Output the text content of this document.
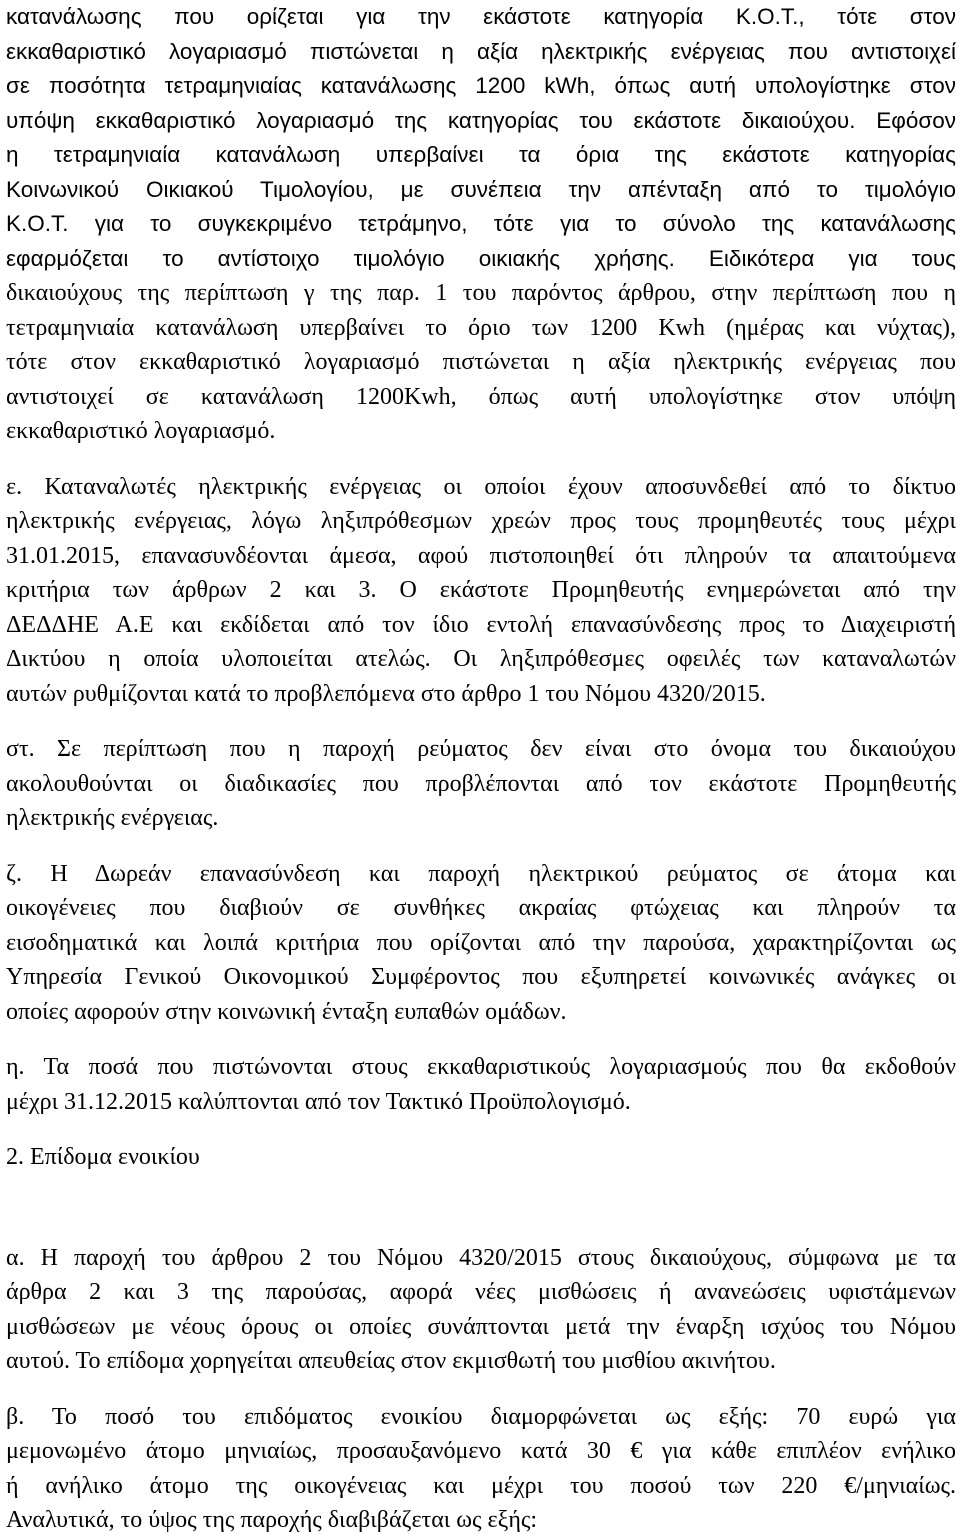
κατανάλωσης που ορίζεται για την εκάστοτε κατηγορία Κ.Ο.Τ., τότε στον
εκκαθαριστικό λογαριασμό πιστώνεται η αξία ηλεκτρικής ενέργειας που αντιστοιχεί
σε ποσότητα τετραμηνιαίας κατανάλωσης 1200 kWh, όπως αυτή υπολογίστηκε στον
υπόψη εκκαθαριστικό λογαριασμό της κατηγορίας του εκάστοτε δικαιούχου. Εφόσον
η τετραμηνιαία κατανάλωση υπερβαίνει τα όρια της εκάστοτε κατηγορίας
Κοινωνικού Οικιακού Τιμολογίου, με συνέπεια την απένταξη από το τιμολόγιο
Κ.Ο.Τ. για το συγκεκριμένο τετράμηνο, τότε για το σύνολο της κατανάλωσης
εφαρμόζεται το αντίστοιχο τιμολόγιο οικιακής χρήσης. Ειδικότερα για τους
δικαιούχους της περίπτωση γ της παρ. 1 του παρόντος άρθρου, στην περίπτωση που η
τετραμηνιαία κατανάλωση υπερβαίνει το όριο των 1200 Kwh (ημέρας και νύχτας),
τότε στον εκκαθαριστικό λογαριασμό πιστώνεται η αξία ηλεκτρικής ενέργειας που
αντιστοιχεί σε κατανάλωση 1200Kwh, όπως αυτή υπολογίστηκε στον υπόψη
εκκαθαριστικό λογαριασμό.
ε. Καταναλωτές ηλεκτρικής ενέργειας οι οποίοι έχουν αποσυνδεθεί από το δίκτυο
ηλεκτρικής ενέργειας, λόγω ληξιπρόθεσμων χρεών προς τους προμηθευτές τους μέχρι
31.01.2015, επανασυνδέονται άμεσα, αφού πιστοποιηθεί ότι πληρούν τα απαιτούμενα
κριτήρια των άρθρων 2 και 3. Ο εκάστοτε Προμηθευτής ενημερώνεται από την
ΔΕΔΔΗΕ Α.Ε και εκδίδεται από τον ίδιο εντολή επανασύνδεσης προς το Διαχειριστή
Δικτύου η οποία υλοποιείται ατελώς. Οι ληξιπρόθεσμες οφειλές των καταναλωτών
αυτών ρυθμίζονται κατά το προβλεπόμενα στο άρθρο 1 του Νόμου 4320/2015.
στ. Σε περίπτωση που η παροχή ρεύματος δεν είναι στο όνομα του δικαιούχου
ακολουθούνται οι διαδικασίες που προβλέπονται από τον εκάστοτε Προμηθευτής
ηλεκτρικής ενέργειας.
ζ. Η Δωρεάν επανασύνδεση και παροχή ηλεκτρικού ρεύματος σε άτομα και
οικογένειες που διαβιούν σε συνθήκες ακραίας φτώχειας και πληρούν τα
εισοδηματικά και λοιπά κριτήρια που ορίζονται από την παρούσα, χαρακτηρίζονται ως
Υπηρεσία Γενικού Οικονομικού Συμφέροντος που εξυπηρετεί κοινωνικές ανάγκες οι
οποίες αφορούν στην κοινωνική ένταξη ευπαθών ομάδων.
η. Τα ποσά που πιστώνονται στους εκκαθαριστικούς λογαριασμούς που θα εκδοθούν
μέχρι 31.12.2015 καλύπτονται από τον Τακτικό Προϋπολογισμό.
2. Επίδομα ενοικίου
α. Η παροχή του άρθρου 2 του Νόμου 4320/2015 στους δικαιούχους, σύμφωνα με τα
άρθρα 2 και 3 της παρούσας, αφορά νέες μισθώσεις ή ανανεώσεις υφιστάμενων
μισθώσεων με νέους όρους οι οποίες συνάπτονται μετά την έναρξη ισχύος του Νόμου
αυτού. Το επίδομα χορηγείται απευθείας στον εκμισθωτή του μισθίου ακινήτου.
β. Το ποσό του επιδόματος ενοικίου διαμορφώνεται ως εξής: 70 ευρώ για
μεμονωμένο άτομο μηνιαίως, προσαυξανόμενο κατά 30 € για κάθε επιπλέον ενήλικο
ή ανήλικο άτομο της οικογένειας και μέχρι του ποσού των 220 €/μηνιαίως.
Αναλυτικά, το ύψος της παροχής διαβιβάζεται ως εξής:
